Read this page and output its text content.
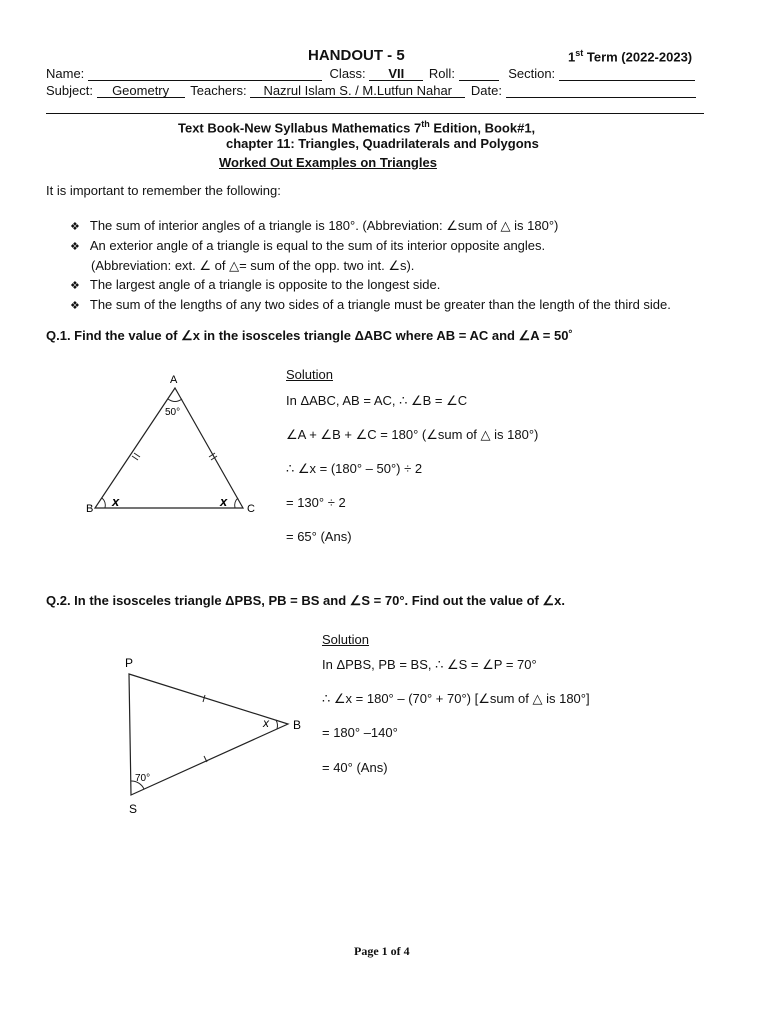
HANDOUT - 5	1st Term (2022-2023)
Name:	Class: VII Roll:	Section:
Subject: Geometry Teachers: Nazrul Islam S. / M.Lutfun Nahar Date:
Text Book-New Syllabus Mathematics 7th Edition, Book#1,
chapter 11: Triangles, Quadrilaterals and Polygons
Worked Out Examples on Triangles
It is important to remember the following:
❖ The sum of interior angles of a triangle is 180°. (Abbreviation: ∠sum of △ is 180°)
❖ An exterior angle of a triangle is equal to the sum of its interior opposite angles.
(Abbreviation: ext. ∠ of △= sum of the opp. two int. ∠s).
❖ The largest angle of a triangle is opposite to the longest side.
❖ The sum of the lengths of any two sides of a triangle must be greater than the length of the third side.
Q.1. Find the value of ∠x in the isosceles triangle ΔABC where AB = AC and ∠A = 50˚
A
B	C
50°
x	x
Solution
In ΔABC, AB = AC, ∴ ∠B = ∠C
∠A + ∠B + ∠C = 180° (∠sum of △ is 180°)
∴ ∠x = (180° – 50°) ÷ 2
= 130° ÷ 2
= 65° (Ans)
Q.2. In the isosceles triangle ΔPBS, PB = BS and ∠S = 70°. Find out the value of ∠x.
P
B
S
70°
x
Solution
In ΔPBS, PB = BS, ∴ ∠S = ∠P = 70°
∴ ∠x = 180° – (70° + 70°) [∠sum of △ is 180°]
= 180° –140°
= 40° (Ans)
Page 1 of 4
